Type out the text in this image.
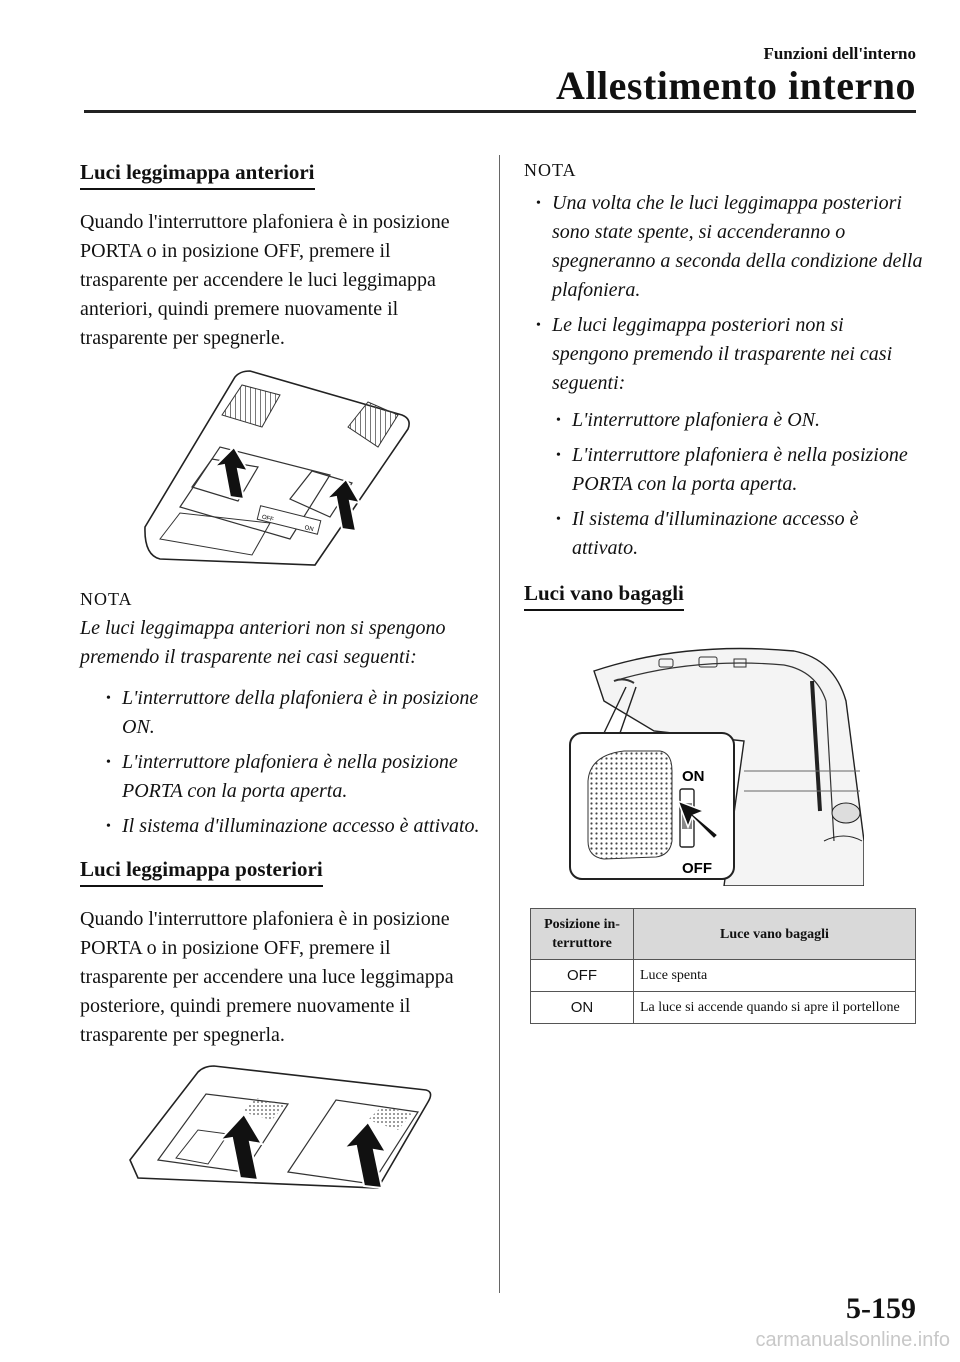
Funzioni dell'interno
Allestimento interno
Luci leggimappa anteriori

Quando l'interruttore plafoniera è in posizione PORTA o in posizione OFF, premere il trasparente per accendere le luci leggimappa anteriori, quindi premere nuovamente il trasparente per spegnerle.

OFF
ON

NOTA

Le luci leggimappa anteriori non si spengono premendo il trasparente nei casi seguenti:

• L'interruttore della plafoniera è in posizione ON.
• L'interruttore plafoniera è nella posizione PORTA con la porta aperta.
• Il sistema d'illuminazione accesso è attivato.
Luci leggimappa posteriori

Quando l'interruttore plafoniera è in posizione PORTA o in posizione OFF, premere il trasparente per accendere una luce leggimappa posteriore, quindi premere nuovamente il trasparente per spegnerla.

NOTA

• Una volta che le luci leggimappa posteriori sono state spente, si accenderanno o spegneranno a seconda della condizione della plafoniera.
• Le luci leggimappa posteriori non si spengono premendo il trasparente nei casi seguenti:
• L'interruttore plafoniera è ON.
• L'interruttore plafoniera è nella posizione PORTA con la porta aperta.
• Il sistema d'illuminazione accesso è attivato.
Luci vano bagagli
ON
OFF
Posizione in-terruttore	Luce vano bagagli
OFF	Luce spenta
ON	La luce si accende quando si apre il portellone
5-159
carmanualsonline.info
